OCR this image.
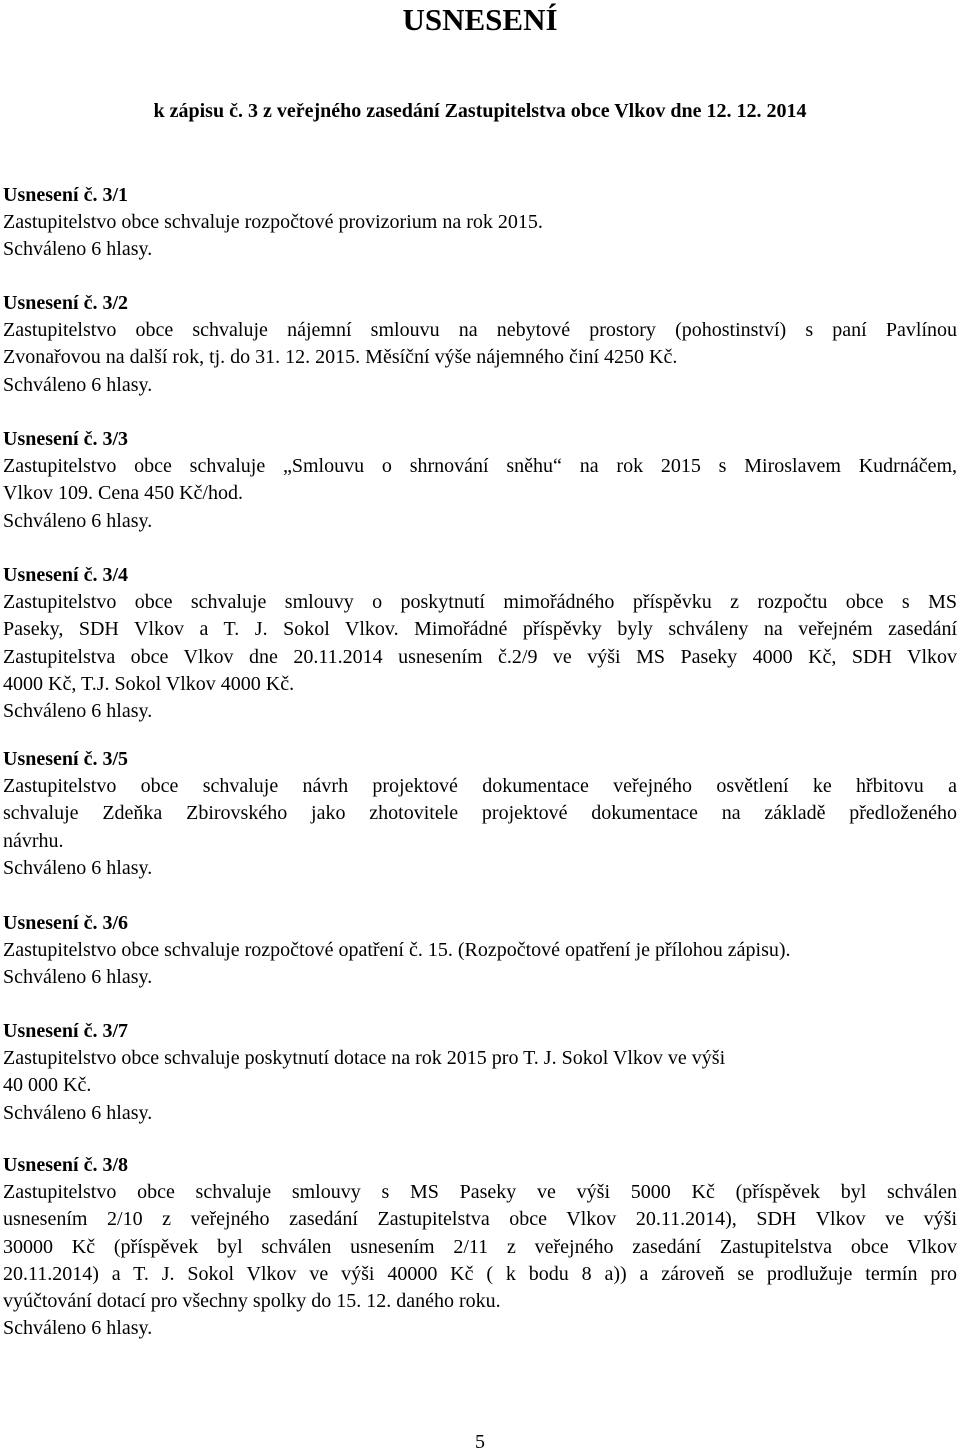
USNESENÍ
k zápisu č. 3 z veřejného zasedání Zastupitelstva obce Vlkov dne 12. 12. 2014
Usnesení č. 3/1
Zastupitelstvo obce schvaluje rozpočtové provizorium na rok 2015.
Schváleno 6 hlasy.
Usnesení č. 3/2
Zastupitelstvo obce schvaluje nájemní smlouvu na nebytové prostory (pohostinství) s paní Pavlínou
Zvonařovou na další rok, tj. do 31. 12. 2015. Měsíční výše nájemného činí 4250 Kč.
Schváleno 6 hlasy.
Usnesení č. 3/3
Zastupitelstvo obce schvaluje „Smlouvu o shrnování sněhu“ na rok 2015 s Miroslavem Kudrnáčem,
Vlkov 109. Cena 450 Kč/hod.
Schváleno 6 hlasy.
Usnesení č. 3/4
Zastupitelstvo obce schvaluje smlouvy o poskytnutí mimořádného příspěvku z rozpočtu obce s MS
Paseky, SDH Vlkov a T. J. Sokol Vlkov. Mimořádné příspěvky byly schváleny na veřejném zasedání
Zastupitelstva obce Vlkov dne 20.11.2014 usnesením č.2/9 ve výši MS Paseky 4000 Kč, SDH Vlkov
4000 Kč, T.J. Sokol Vlkov 4000 Kč.
Schváleno 6 hlasy.
Usnesení č. 3/5
Zastupitelstvo obce schvaluje návrh projektové dokumentace veřejného osvětlení ke hřbitovu a
schvaluje Zdeňka Zbirovského jako zhotovitele projektové dokumentace na základě předloženého
návrhu.
Schváleno 6 hlasy.
Usnesení č. 3/6
Zastupitelstvo obce schvaluje rozpočtové opatření č. 15. (Rozpočtové opatření je přílohou zápisu).
Schváleno 6 hlasy.
Usnesení č. 3/7
Zastupitelstvo obce schvaluje poskytnutí dotace na rok 2015 pro T. J. Sokol Vlkov ve výši
40 000 Kč.
Schváleno 6 hlasy.
Usnesení č. 3/8
Zastupitelstvo obce schvaluje smlouvy s MS Paseky ve výši 5000 Kč (příspěvek byl schválen
usnesením 2/10 z veřejného zasedání Zastupitelstva obce Vlkov 20.11.2014), SDH Vlkov ve výši
30000 Kč (příspěvek byl schválen usnesením 2/11 z veřejného zasedání Zastupitelstva obce Vlkov
20.11.2014) a T. J. Sokol Vlkov ve výši 40000 Kč ( k bodu 8 a)) a zároveň se prodlužuje termín pro
vyúčtování dotací pro všechny spolky do 15. 12. daného roku.
Schváleno 6 hlasy.
5
